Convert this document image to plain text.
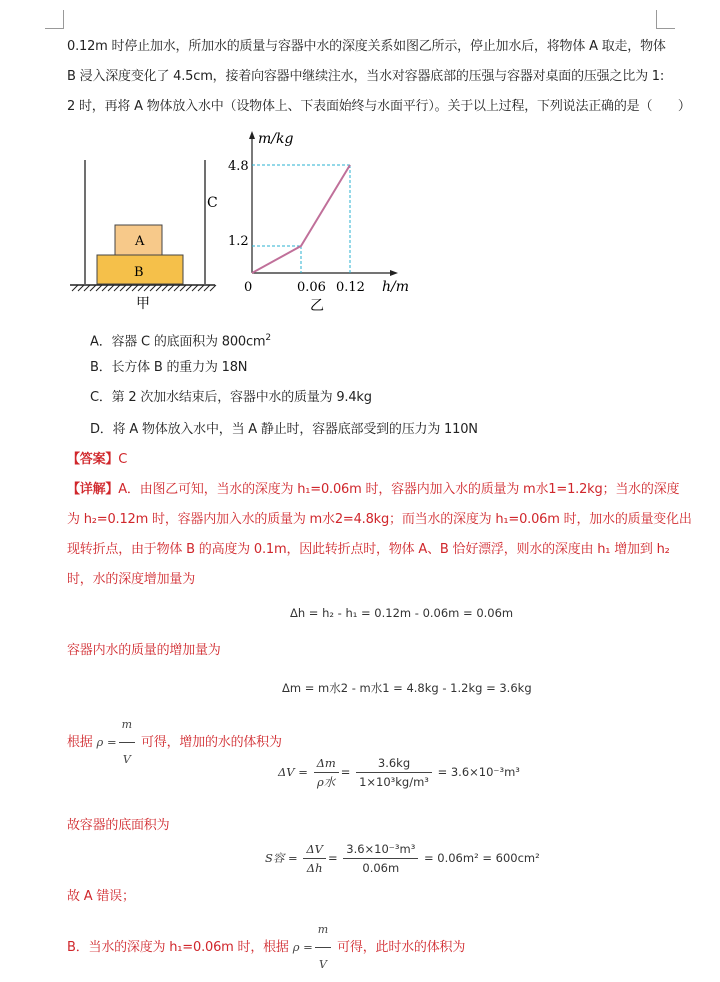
0.12m 时停止加水，所加水的质量与容器中水的深度关系如图乙所示，停止加水后，将物体 A 取走，物体
B 浸入深度变化了 4.5cm，接着向容器中继续注水，当水对容器底部的压强与容器对桌面的压强之比为 1:
2 时，再将 A 物体放入水中（设物体上、下表面始终与水面平行）。关于以上过程，下列说法正确的是（　　）
A
B
C
甲
m/kg
h/m
0
1.2
4.8
0.06 0.12
乙
A．容器 C 的底面积为 $800cm^2$
B．长方体 B 的重力为 18N
C．第 2 次加水结束后，容器中水的质量为 9.4kg
D．将 A 物体放入水中，当 A 静止时，容器底部受到的压力为 110N
【答案】C
【详解】A．由图乙可知，当水的深度为 h₁=0.06m 时，容器内加入水的质量为 m水1=1.2kg；当水的深度
为 h₂=0.12m 时，容器内加入水的质量为 m水2=4.8kg；而当水的深度为 h₁=0.06m 时，加水的质量变化出
现转折点，由于物体 B 的高度为 0.1m，因此转折点时，物体 A、B 恰好漂浮，则水的深度由 h₁ 增加到 h₂
时，水的深度增加量为
Δh = h₂ - h₁ = 0.12m - 0.06m = 0.06m
容器内水的质量的增加量为
Δm = m水2 - m水1 = 4.8kg - 1.2kg = 3.6kg
根据 $\rho = \frac{m}{V}$ 可得，增加的水的体积为
$\Delta V = \frac{\Delta m}{\text{ρ水}} = \frac{3.6kg}{\text{1×10³kg/m³}} = 3.6\times 10^{-3}m^3$
故容器的底面积为
S容 = $\frac{\Delta V}{\Delta h} = \frac{\text{3.6×10⁻³m³}}{0.06m} = 0.06m^2 = 600cm^2$
故 A 错误；
B．当水的深度为 h₁=0.06m 时，根据 $\rho = \frac{m}{V}$ 可得，此时水的体积为
